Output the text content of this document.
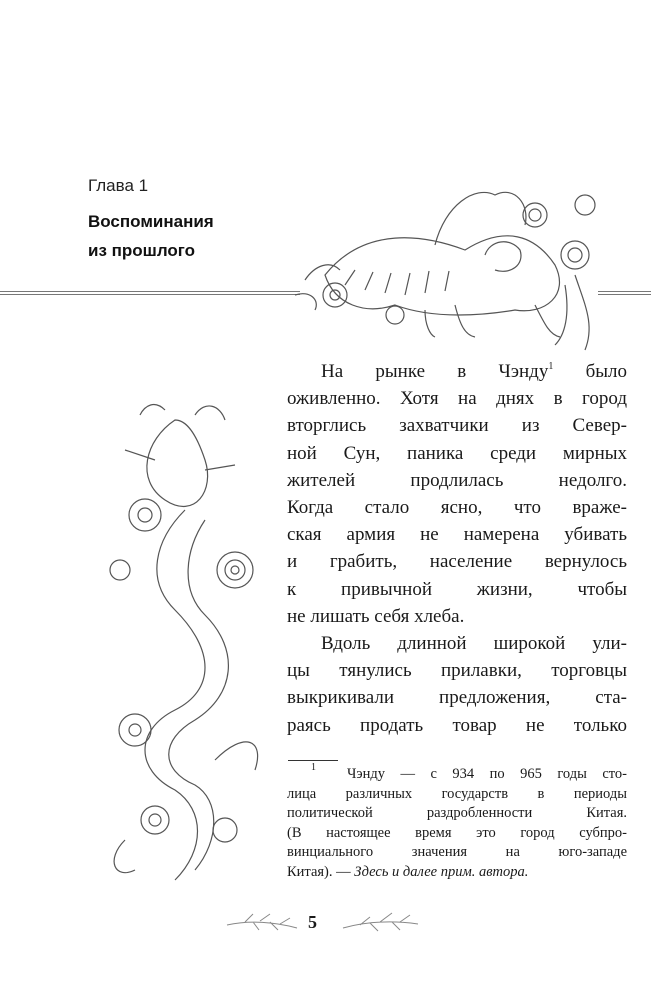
Глава 1
Воспоминания
из прошлого
На рынке в Чэнду$^1$ было
оживленно. Хотя на днях в город
вторглись захватчики из Север-
ной Сун, паника среди мирных
жителей продлилась недолго.
Когда стало ясно, что враже-
ская армия не намерена убивать
и грабить, население вернулось
к привычной жизни, чтобы
не лишать себя хлеба.
Вдоль длинной широкой ули-
цы тянулись прилавки, торговцы
выкрикивали предложения, ста-
раясь продать товар не только
$^1$ Чэнду — с 934 по 965 годы сто-
лица различных государств в периоды
политической раздробленности Китая.
(В настоящее время это город субпро-
винциального значения на юго-западе
Китая). — Здесь и далее прим. автора.
5
